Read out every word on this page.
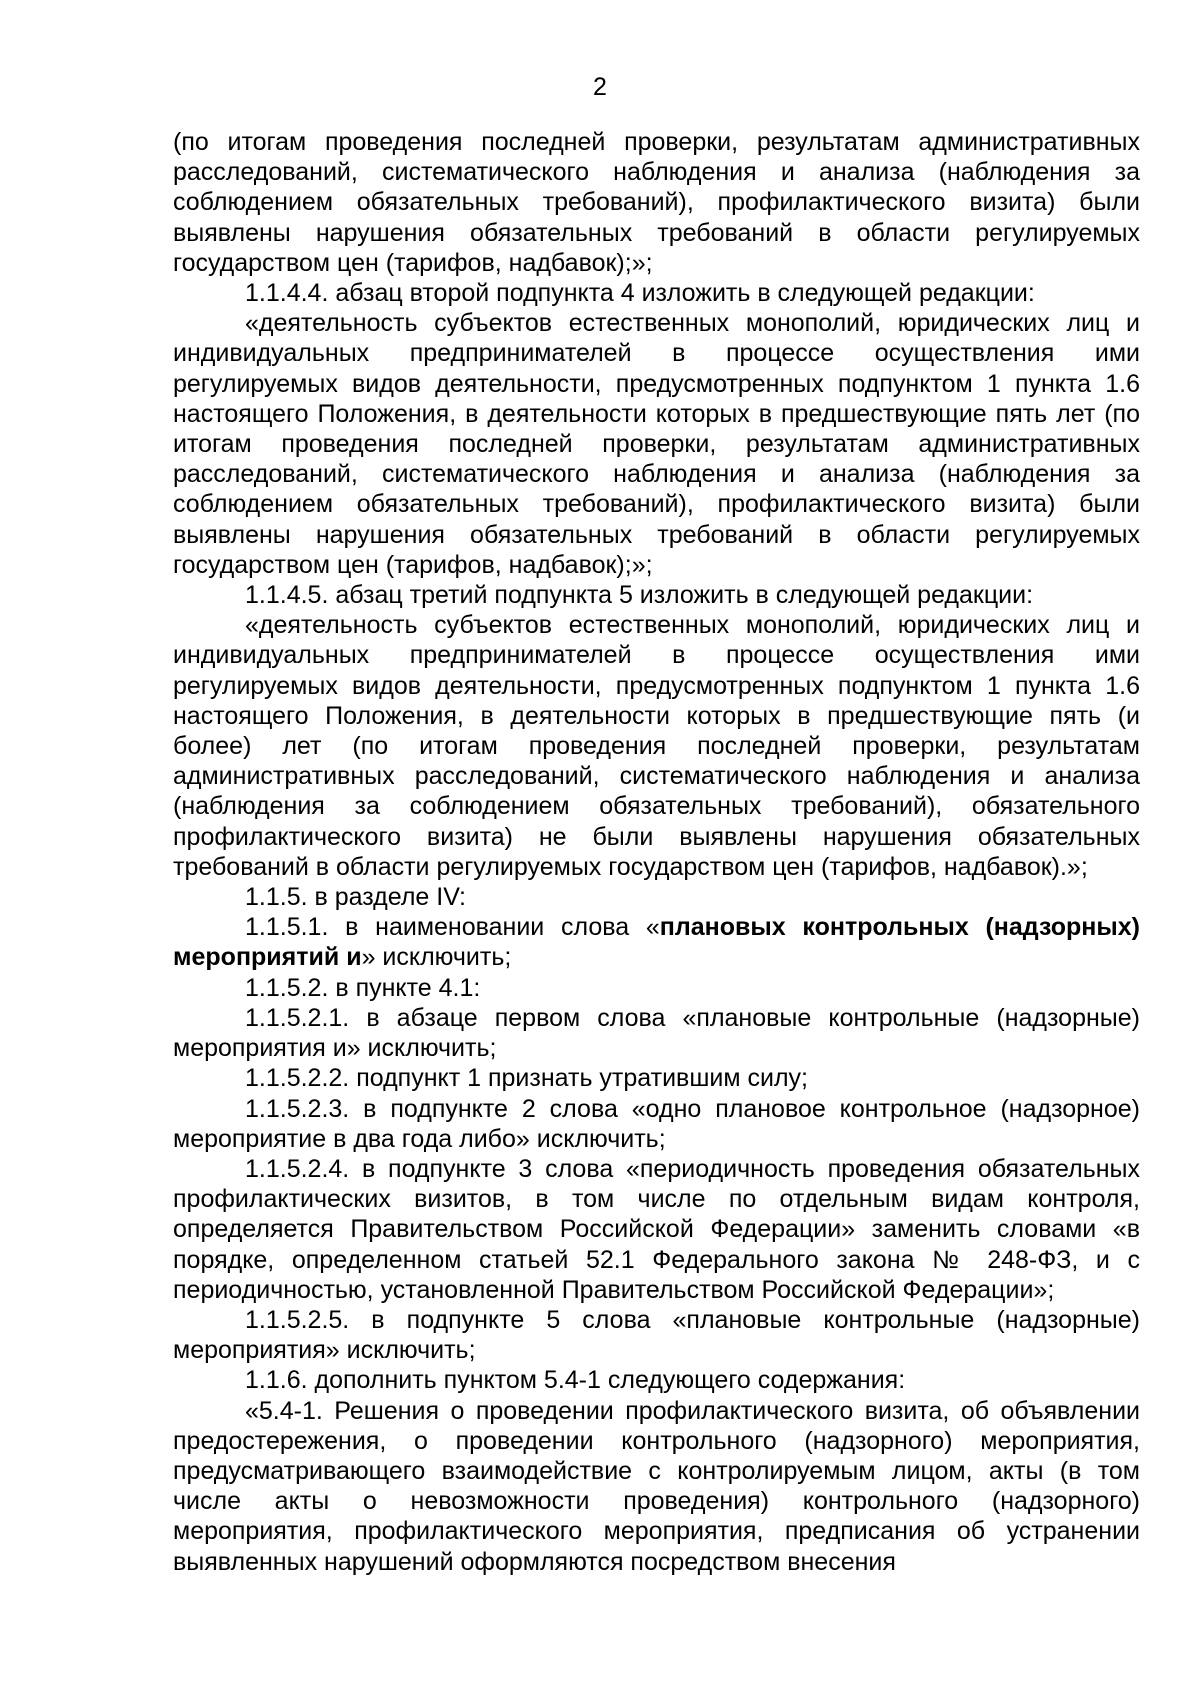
2

(по итогам проведения последней проверки, результатам административных расследований, систематического наблюдения и анализа (наблюдения за соблюдением обязательных требований), профилактического визита) были выявлены нарушения обязательных требований в области регулируемых государством цен (тарифов, надбавок);»;

1.1.4.4. абзац второй подпункта 4 изложить в следующей редакции:

«деятельность субъектов естественных монополий, юридических лиц и индивидуальных предпринимателей в процессе осуществления ими регулируемых видов деятельности, предусмотренных подпунктом 1 пункта 1.6 настоящего Положения, в деятельности которых в предшествующие пять лет (по итогам проведения последней проверки, результатам административных расследований, систематического наблюдения и анализа (наблюдения за соблюдением обязательных требований), профилактического визита) были выявлены нарушения обязательных требований в области регулируемых государством цен (тарифов, надбавок);»;

1.1.4.5. абзац третий подпункта 5 изложить в следующей редакции:

«деятельность субъектов естественных монополий, юридических лиц и индивидуальных предпринимателей в процессе осуществления ими регулируемых видов деятельности, предусмотренных подпунктом 1 пункта 1.6 настоящего Положения, в деятельности которых в предшествующие пять (и более) лет (по итогам проведения последней проверки, результатам административных расследований, систематического наблюдения и анализа (наблюдения за соблюдением обязательных требований), обязательного профилактического визита) не были выявлены нарушения обязательных требований в области регулируемых государством цен (тарифов, надбавок).»;

1.1.5. в разделе IV:

1.1.5.1. в наименовании слова «плановых контрольных (надзорных) мероприятий и» исключить;

1.1.5.2. в пункте 4.1:

1.1.5.2.1. в абзаце первом слова «плановые контрольные (надзорные) мероприятия и» исключить;

1.1.5.2.2. подпункт 1 признать утратившим силу;

1.1.5.2.3. в подпункте 2 слова «одно плановое контрольное (надзорное) мероприятие в два года либо» исключить;

1.1.5.2.4. в подпункте 3 слова «периодичность проведения обязательных профилактических визитов, в том числе по отдельным видам контроля, определяется Правительством Российской Федерации» заменить словами «в порядке, определенном статьей 52.1 Федерального закона № 248-ФЗ, и с периодичностью, установленной Правительством Российской Федерации»;

1.1.5.2.5. в подпункте 5 слова «плановые контрольные (надзорные) мероприятия» исключить;

1.1.6. дополнить пунктом 5.4-1 следующего содержания:

«5.4-1. Решения о проведении профилактического визита, об объявлении предостережения, о проведении контрольного (надзорного) мероприятия, предусматривающего взаимодействие с контролируемым лицом, акты (в том числе акты о невозможности проведения) контрольного (надзорного) мероприятия, профилактического мероприятия, предписания об устранении выявленных нарушений оформляются посредством внесения
